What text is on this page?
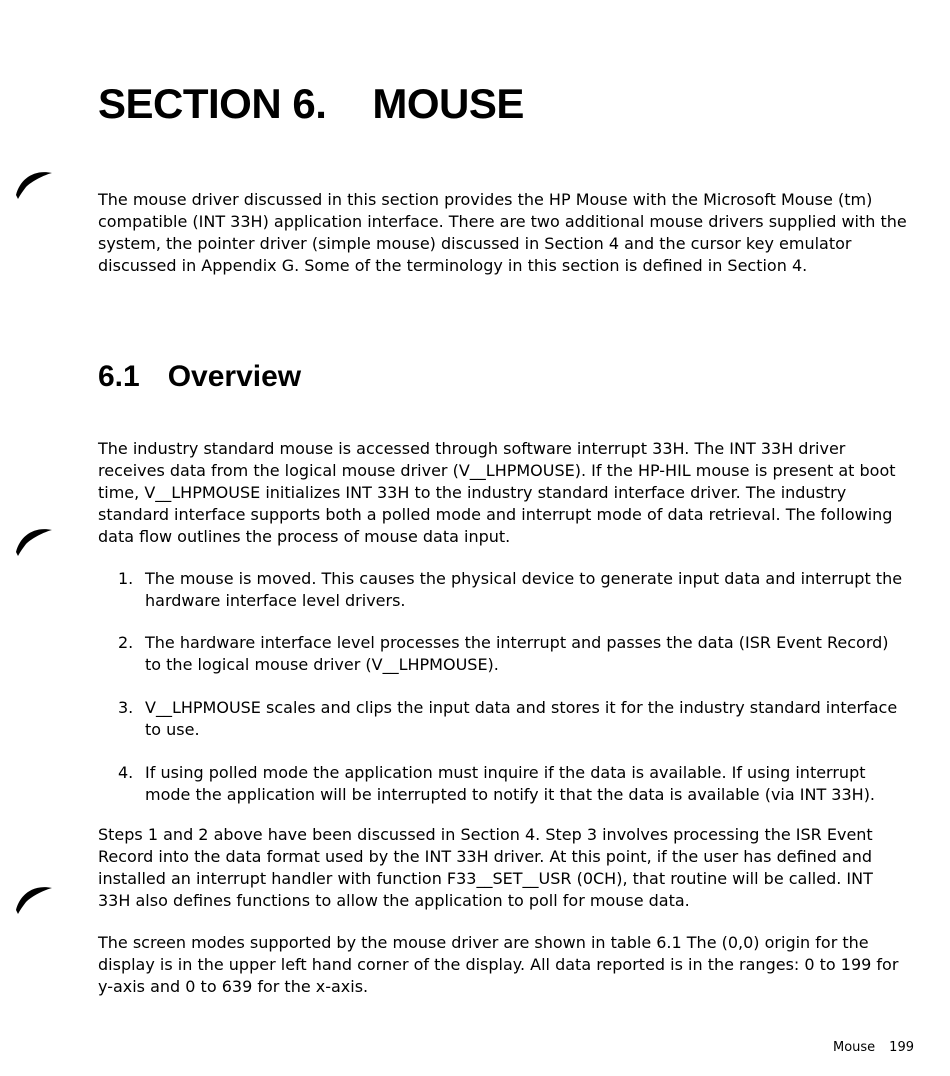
SECTION 6. MOUSE

The mouse driver discussed in this section provides the HP Mouse with the Microsoft Mouse (tm) compatible (INT 33H) application interface. There are two additional mouse drivers supplied with the system, the pointer driver (simple mouse) discussed in Section 4 and the cursor key emulator discussed in Appendix G. Some of the terminology in this section is defined in Section 4.

6.1 Overview

The industry standard mouse is accessed through software interrupt 33H. The INT 33H driver receives data from the logical mouse driver (V__LHPMOUSE). If the HP-HIL mouse is present at boot time, V__LHPMOUSE initializes INT 33H to the industry standard interface driver. The industry standard interface supports both a polled mode and interrupt mode of data retrieval. The following data flow outlines the process of mouse data input.

1. The mouse is moved. This causes the physical device to generate input data and interrupt the hardware interface level drivers.
2. The hardware interface level processes the interrupt and passes the data (ISR Event Record) to the logical mouse driver (V__LHPMOUSE).
3. V__LHPMOUSE scales and clips the input data and stores it for the industry standard interface to use.
4. If using polled mode the application must inquire if the data is available. If using interrupt mode the application will be interrupted to notify it that the data is available (via INT 33H).

Steps 1 and 2 above have been discussed in Section 4. Step 3 involves processing the ISR Event Record into the data format used by the INT 33H driver. At this point, if the user has defined and installed an interrupt handler with function F33__SET__USR (0CH), that routine will be called. INT 33H also defines functions to allow the application to poll for mouse data.

The screen modes supported by the mouse driver are shown in table 6.1 The (0,0) origin for the display is in the upper left hand corner of the display. All data reported is in the ranges: 0 to 199 for y-axis and 0 to 639 for the x-axis.

Mouse 199
